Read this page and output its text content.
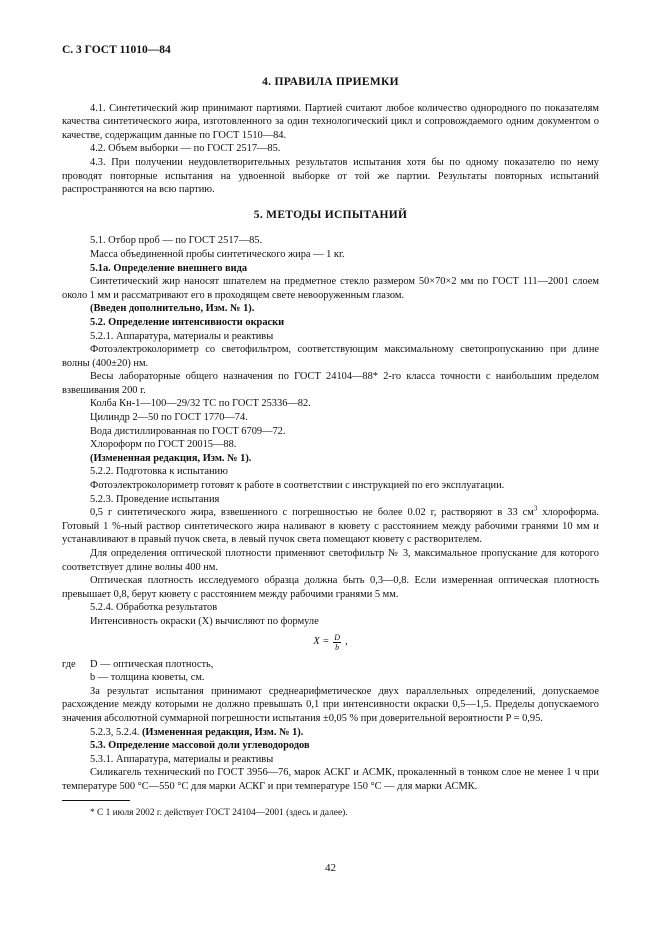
С. 3 ГОСТ 11010—84
4. ПРАВИЛА ПРИЕМКИ

4.1. Синтетический жир принимают партиями. Партией считают любое количество однородного по показателям качества синтетического жира, изготовленного за один технологический цикл и сопровождаемого одним документом о качестве, содержащим данные по ГОСТ 1510—84.

4.2. Объем выборки — по ГОСТ 2517—85.

4.3. При получении неудовлетворительных результатов испытания хотя бы по одному показателю по нему проводят повторные испытания на удвоенной выборке от той же партии. Результаты повторных испытаний распространяются на всю партию.

5. МЕТОДЫ ИСПЫТАНИЙ

5.1. Отбор проб — по ГОСТ 2517—85.

Масса объединенной пробы синтетического жира — 1 кг.

5.1а. Определение внешнего вида

Синтетический жир наносят шпателем на предметное стекло размером 50×70×2 мм по ГОСТ 111—2001 слоем около 1 мм и рассматривают его в проходящем свете невооруженным глазом.

(Введен дополнительно, Изм. № 1).

5.2. Определение интенсивности окраски

5.2.1. Аппаратура, материалы и реактивы

Фотоэлектроколориметр со светофильтром, соответствующим максимальному светопропусканию при длине волны (400±20) нм.

Весы лабораторные общего назначения по ГОСТ 24104—88* 2-го класса точности с наибольшим пределом взвешивания 200 г.

Колба Кн-1—100—29/32 ТС по ГОСТ 25336—82.

Цилиндр 2—50 по ГОСТ 1770—74.

Вода дистиллированная по ГОСТ 6709—72.

Хлороформ по ГОСТ 20015—88.

(Измененная редакция, Изм. № 1).

5.2.2. Подготовка к испытанию

Фотоэлектроколориметр готовят к работе в соответствии с инструкцией по его эксплуатации.

5.2.3. Проведение испытания

0,5 г синтетического жира, взвешенного с погрешностью не более 0.02 г, растворяют в 33 $см^3$ хлороформа. Готовый 1 %-ный раствор синтетического жира наливают в кювету с расстоянием между рабочими гранями 10 мм и устанавливают в правый пучок света, в левый пучок света помещают кювету с растворителем.

Для определения оптической плотности применяют светофильтр № 3, максимальное пропускание для которого соответствует длине волны 400 нм.

Оптическая плотность исследуемого образца должна быть 0,3—0,8. Если измеренная оптическая плотность превышает 0,8, берут кювету с расстоянием между рабочими гранями 5 мм.

5.2.4. Обработка результатов

Интенсивность окраски (X) вычисляют по формуле

$X = \frac{D}{b}$ ,
где	D — оптическая плотность,
b — толщина кюветы, см.

За результат испытания принимают среднеарифметическое двух параллельных определений, допускаемое расхождение между которыми не должно превышать 0,1 при интенсивности окраски 0,5—1,5. Пределы допускаемого значения абсолютной суммарной погрешности испытания ±0,05 % при доверительной вероятности P = 0,95.

5.2.3, 5.2.4. (Измененная редакция, Изм. № 1).

5.3. Определение массовой доли углеводородов

5.3.1. Аппаратура, материалы и реактивы

Силикагель технический по ГОСТ 3956—76, марок АСКГ и АСМК, прокаленный в тонком слое не менее 1 ч при температуре 500 °С—550 °С для марки АСКГ и при температуре 150 °С — для марки АСМК.

* С 1 июля 2002 г. действует ГОСТ 24104—2001 (здесь и далее).

42
